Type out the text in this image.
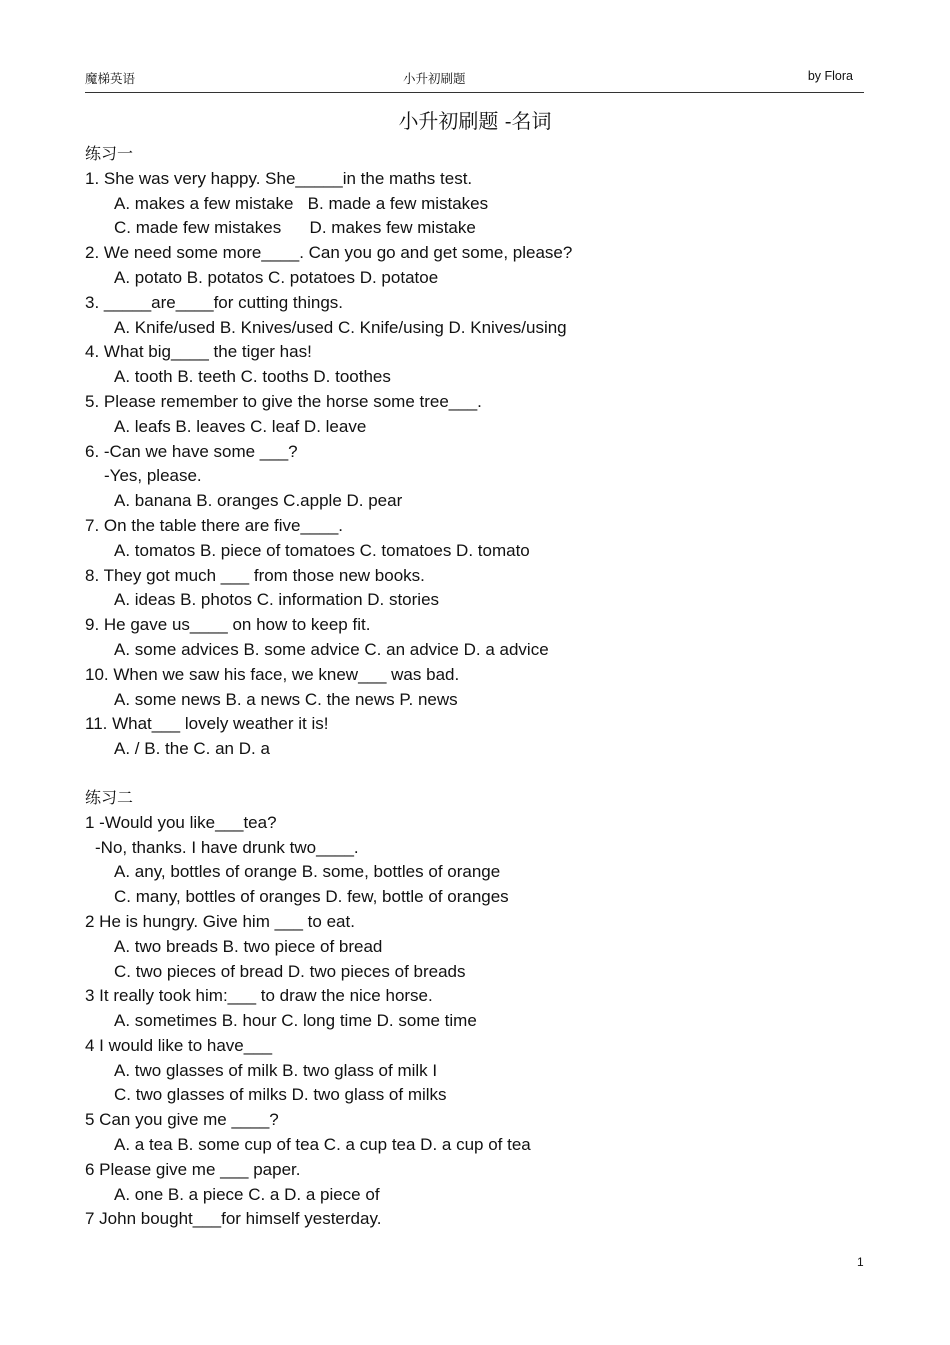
魔梯英语	小升初刷题	by Flora
小升初刷题 -名词
练习一
1. She was very happy. She_____in the maths test.
A. makes a few mistake   B. made a few mistakes
C. made few mistakes      D. makes few mistake
2. We need some more____. Can you go and get some, please?
A. potato B. potatos C. potatoes D. potatoe
3. _____are____for cutting things.
A. Knife/used B. Knives/used C. Knife/using D. Knives/using
4. What big____ the tiger has!
A. tooth B. teeth C. tooths D. toothes
5. Please remember to give the horse some tree___.
A. leafs B. leaves C. leaf D. leave
6. -Can we have some ___?
-Yes, please.
A. banana B. oranges C.apple D. pear
7. On the table there are five____.
A. tomatos B. piece of tomatoes C. tomatoes D. tomato
8. They got much ___ from those new books.
A. ideas B. photos C. information D. stories
9. He gave us____ on how to keep fit.
A. some advices B. some advice C. an advice D. a advice
10. When we saw his face, we knew___ was bad.
A. some news B. a news C. the news P. news
11. What___ lovely weather it is!
A. / B. the C. an D. a
练习二
1 -Would you like___tea?
-No, thanks. I have drunk two____.
A. any, bottles of orange B. some, bottles of orange
C. many, bottles of oranges D. few, bottle of oranges
2 He is hungry. Give him ___ to eat.
A. two breads B. two piece of bread
C. two pieces of bread D. two pieces of breads
3 It really took him:___ to draw the nice horse.
A. sometimes B. hour C. long time D. some time
4 I would like to have___
A. two glasses of milk B. two glass of milk I
C. two glasses of milks D. two glass of milks
5 Can you give me ____?
A. a tea B. some cup of tea C. a cup tea D. a cup of tea
6 Please give me ___ paper.
A. one B. a piece C. a D. a piece of
7 John bought___for himself yesterday.
1
